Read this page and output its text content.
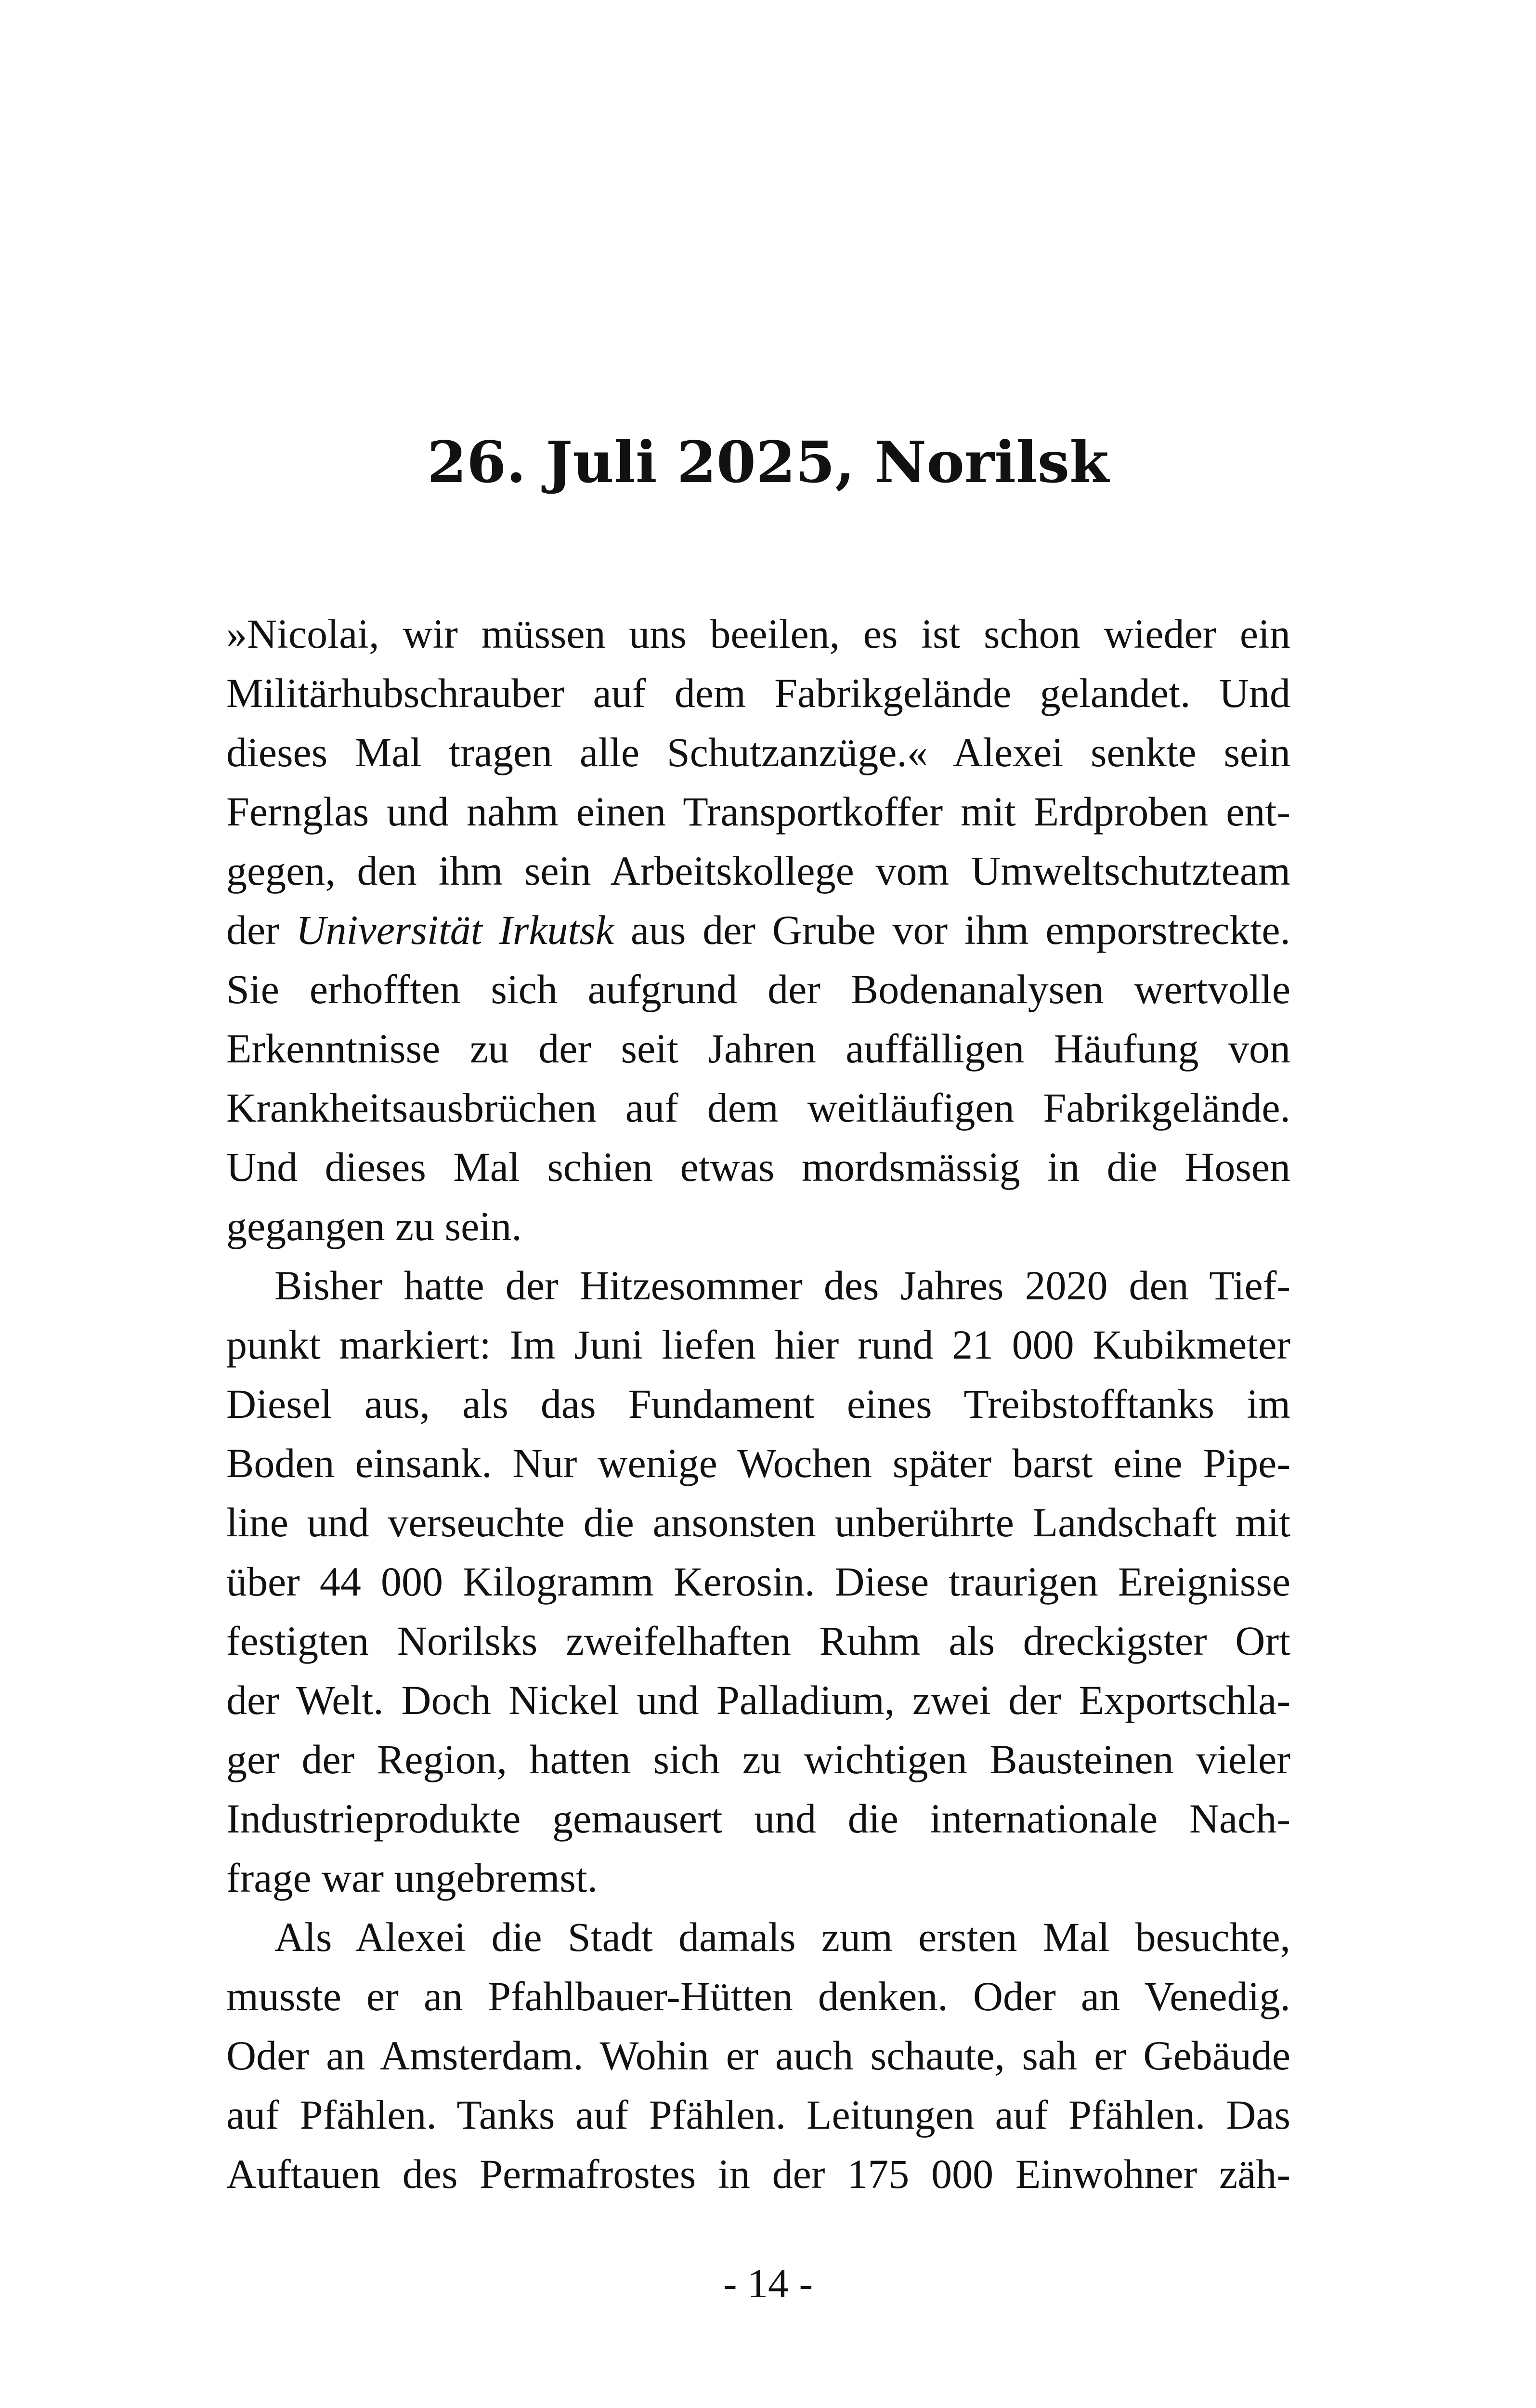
26. Juli 2025, Norilsk

»Nicolai, wir müssen uns beeilen, es ist schon wieder ein
Militärhubschrauber auf dem Fabrikgelände gelandet. Und
dieses Mal tragen alle Schutzanzüge.« Alexei senkte sein
Fernglas und nahm einen Transportkoffer mit Erdproben ent-
gegen, den ihm sein Arbeitskollege vom Umweltschutzteam
der Universität Irkutsk aus der Grube vor ihm emporstreckte.
Sie erhofften sich aufgrund der Bodenanalysen wertvolle
Erkenntnisse zu der seit Jahren auffälligen Häufung von
Krankheitsausbrüchen auf dem weitläufigen Fabrikgelände.
Und dieses Mal schien etwas mordsmässig in die Hosen
gegangen zu sein.

Bisher hatte der Hitzesommer des Jahres 2020 den Tief-
punkt markiert: Im Juni liefen hier rund 21 000 Kubikmeter
Diesel aus, als das Fundament eines Treibstofftanks im
Boden einsank. Nur wenige Wochen später barst eine Pipe-
line und verseuchte die ansonsten unberührte Landschaft mit
über 44 000 Kilogramm Kerosin. Diese traurigen Ereignisse
festigten Norilsks zweifelhaften Ruhm als dreckigster Ort
der Welt. Doch Nickel und Palladium, zwei der Exportschla-
ger der Region, hatten sich zu wichtigen Bausteinen vieler
Industrieprodukte gemausert und die internationale Nach-
frage war ungebremst.

Als Alexei die Stadt damals zum ersten Mal besuchte,
musste er an Pfahlbauer-Hütten denken. Oder an Venedig.
Oder an Amsterdam. Wohin er auch schaute, sah er Gebäude
auf Pfählen. Tanks auf Pfählen. Leitungen auf Pfählen. Das
Auftauen des Permafrostes in der 175 000 Einwohner zäh-

- 14 -
